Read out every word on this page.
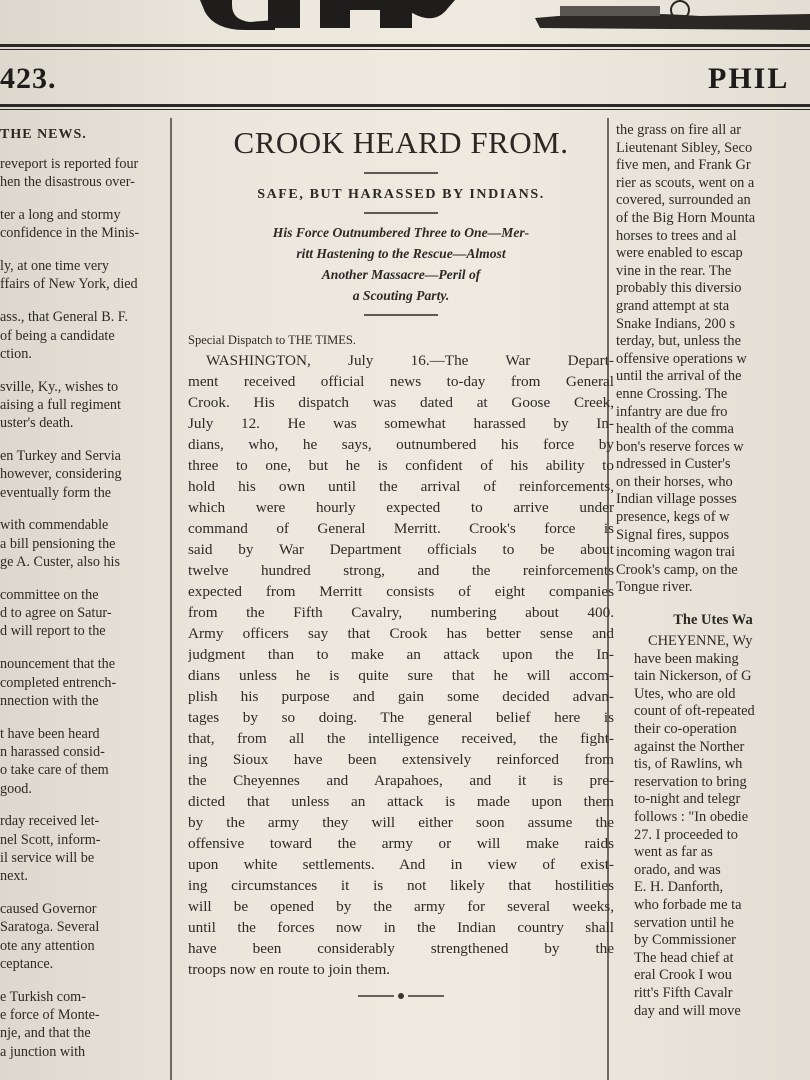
423.	PHIL
THE NEWS.
reveport is reported four
hen the disastrous over-
ter a long and stormy
confidence in the Minis-
ly, at one time very
ffairs of New York, died
ass., that General B. F.
of being a candidate
ction.
sville, Ky., wishes to
aising a full regiment
uster's death.
en Turkey and Servia
however, considering
eventually form the
with commendable
a bill pensioning the
ge A. Custer, also his
committee on the
d to agree on Satur-
d will report to the
nouncement that the
completed entrench-
nnection with the
t have been heard
n harassed consid-
o take care of them
good.
rday received let-
nel Scott, inform-
il service will be
next.
caused Governor
Saratoga. Several
ote any attention
ceptance.
e Turkish com-
e force of Monte-
nje, and that the
a junction with
CROOK HEARD FROM.
SAFE, BUT HARASSED BY INDIANS.
His Force Outnumbered Three to One—Mer-
ritt Hastening to the Rescue—Almost
Another Massacre—Peril of
a Scouting Party.
Special Dispatch to THE TIMES.
WASHINGTON, July 16.—The War Depart-
ment received official news to-day from General
Crook. His dispatch was dated at Goose Creek,
July 12. He was somewhat harassed by In-
dians, who, he says, outnumbered his force by
three to one, but he is confident of his ability to
hold his own until the arrival of reinforcements,
which were hourly expected to arrive under
command of General Merritt. Crook's force is
said by War Department officials to be about
twelve hundred strong, and the reinforcements
expected from Merritt consists of eight companies
from the Fifth Cavalry, numbering about 400.
Army officers say that Crook has better sense and
judgment than to make an attack upon the In-
dians unless he is quite sure that he will accom-
plish his purpose and gain some decided advan-
tages by so doing. The general belief here is
that, from all the intelligence received, the fight-
ing Sioux have been extensively reinforced from
the Cheyennes and Arapahoes, and it is pre-
dicted that unless an attack is made upon them
by the army they will either soon assume the
offensive toward the army or will make raids
upon white settlements. And in view of exist-
ing circumstances it is not likely that hostilities
will be opened by the army for several weeks,
until the forces now in the Indian country shall
have been considerably strengthened by the
troops now en route to join them.
the grass on fire all ar
Lieutenant Sibley, Seco
five men, and Frank Gr
rier as scouts, went on a
covered, surrounded an
of the Big Horn Mounta
horses to trees and al
were enabled to escap
vine in the rear. The
probably this diversio
grand attempt at sta
Snake Indians, 200 s
terday, but, unless the
offensive operations w
until the arrival of the
enne Crossing. The
infantry are due fro
health of the comma
bon's reserve forces w
ndressed in Custer's
on their horses, who
Indian village posses
presence, kegs of w
Signal fires, suppos
incoming wagon trai
Crook's camp, on the
Tongue river.
The Utes Wa
CHEYENNE, Wy
have been making
tain Nickerson, of G
Utes, who are old
count of oft-repeated
their co-operation
against the Norther
tis, of Rawlins, wh
reservation to bring
to-night and telegr
follows : "In obedie
27. I proceeded to
went as far as
orado, and was
E. H. Danforth,
who forbade me ta
servation until he
by Commissioner
The head chief at
eral Crook I wou
ritt's Fifth Cavalr
day and will move
